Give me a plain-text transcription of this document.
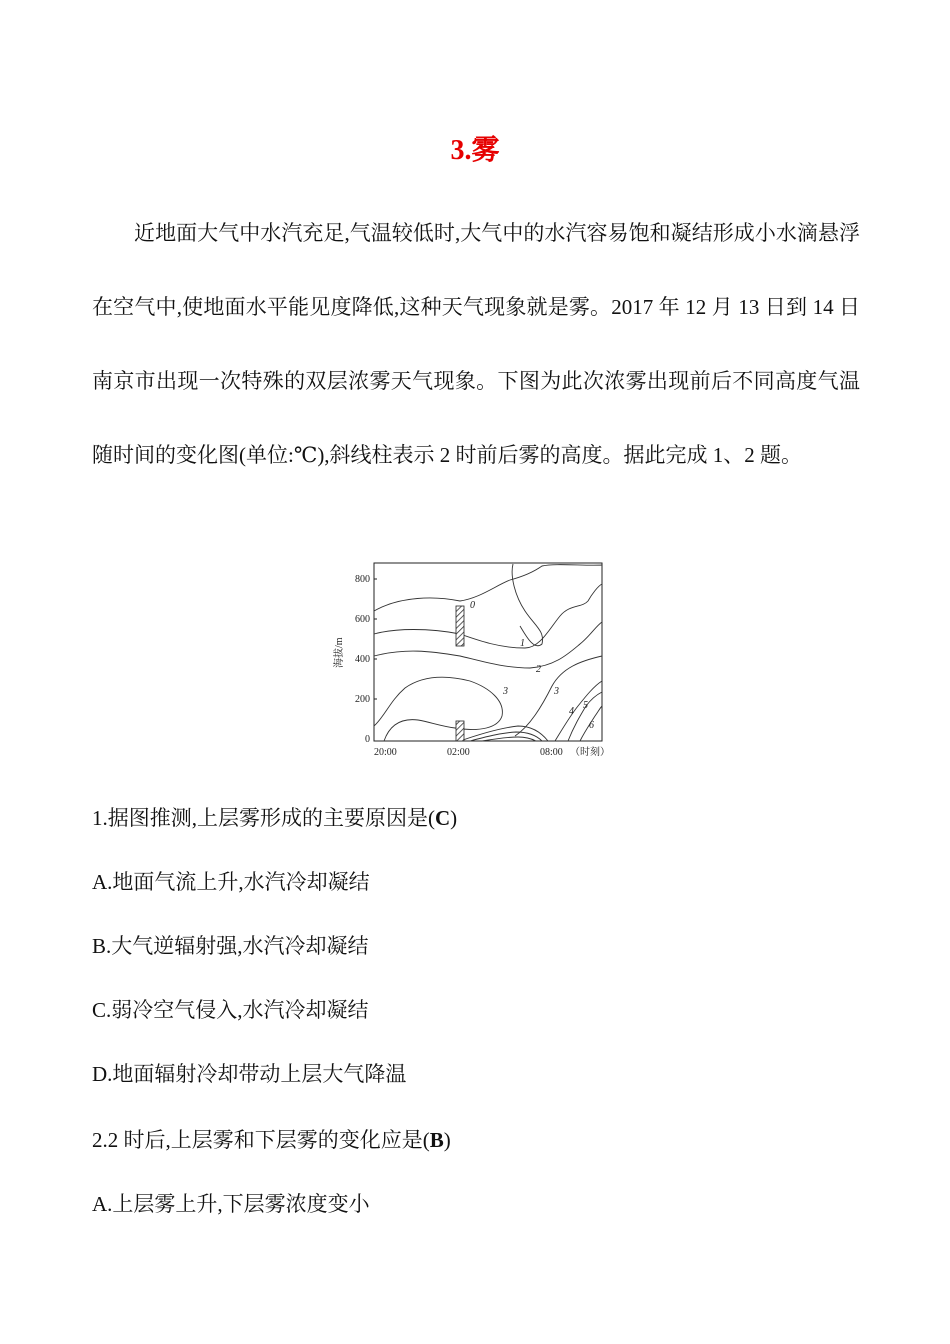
3.雾

近地面大气中水汽充足,气温较低时,大气中的水汽容易饱和凝结形成小水滴悬浮在空气中,使地面水平能见度降低,这种天气现象就是雾。2017 年 12 月 13 日到 14 日南京市出现一次特殊的双层浓雾天气现象。下图为此次浓雾出现前后不同高度气温随时间的变化图(单位:℃),斜线柱表示 2 时前后雾的高度。据此完成 1、2 题。

海拔/m
800
600
400
200
0
20:00	02:00	08:00 （时刻）
0
1
2
3	3
4
5
6

1.据图推测,上层雾形成的主要原因是(C)

A.地面气流上升,水汽冷却凝结

B.大气逆辐射强,水汽冷却凝结

C.弱冷空气侵入,水汽冷却凝结

D.地面辐射冷却带动上层大气降温

2.2 时后,上层雾和下层雾的变化应是(B)

A.上层雾上升,下层雾浓度变小
